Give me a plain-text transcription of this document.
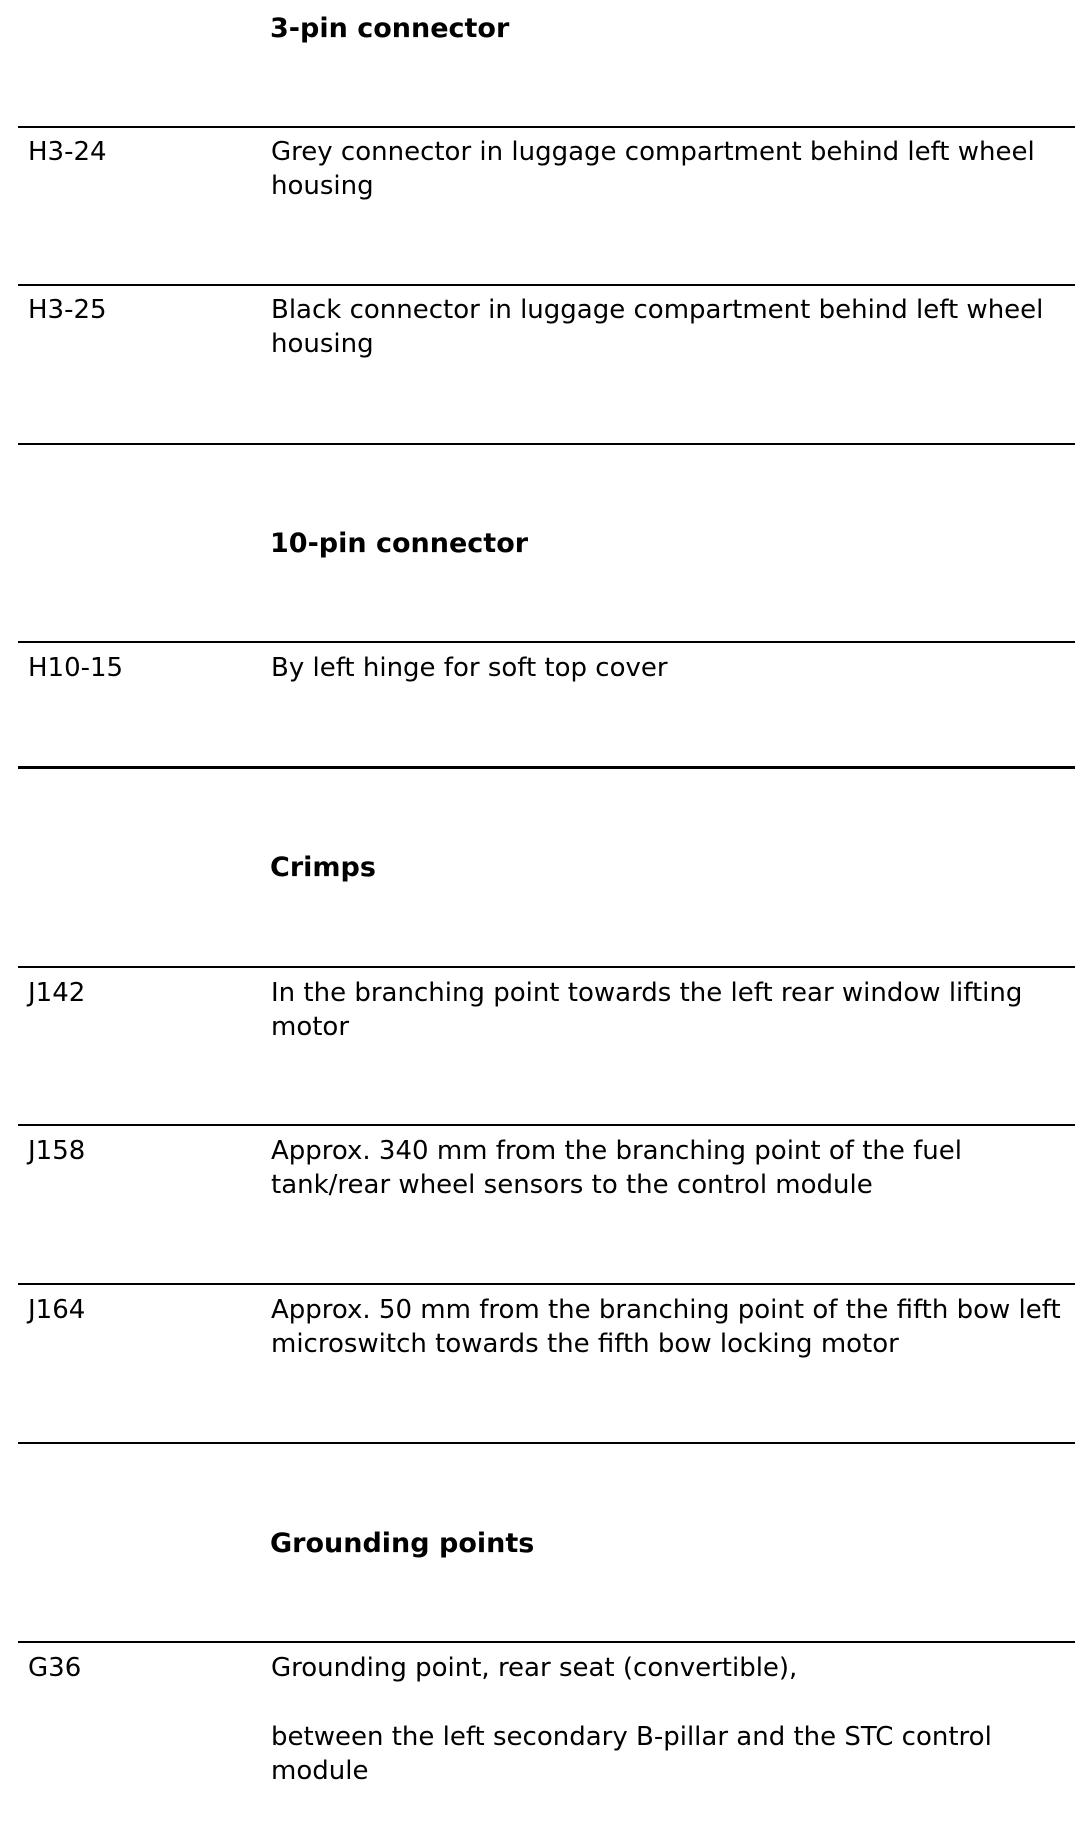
3-pin connector
H3-24	Grey connector in luggage compartment behind left wheel housing
H3-25	Black connector in luggage compartment behind left wheel housing
10-pin connector
H10-15	By left hinge for soft top cover
Crimps
J142	In the branching point towards the left rear window lifting motor
J158	Approx. 340 mm from the branching point of the fuel tank/rear wheel sensors to the control module
J164	Approx. 50 mm from the branching point of the fifth bow left microswitch towards the fifth bow locking motor
Grounding points
G36	Grounding point, rear seat (convertible),
between the left secondary B-pillar and the STC control module
